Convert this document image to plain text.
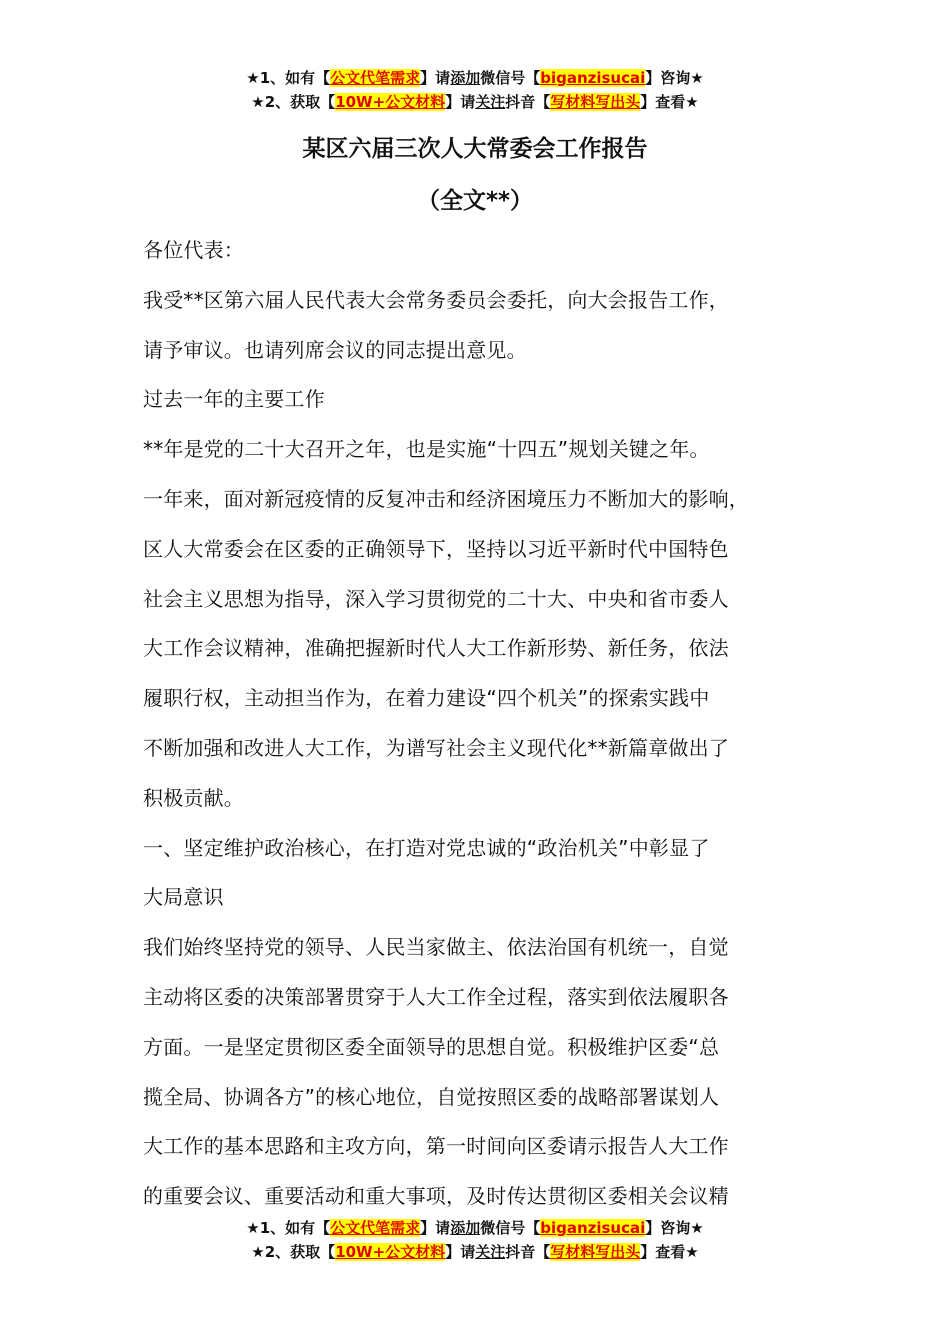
★1、如有【公文代笔需求】请添加微信号【biganzisucai】咨询★
★2、获取【10W+公文材料】请关注抖音【写材料写出头】查看★
某区六届三次人大常委会工作报告
（全文**）

各位代表：

我受**区第六届人民代表大会常务委员会委托，向大会报告工作，

请予审议。也请列席会议的同志提出意见。

过去一年的主要工作

**年是党的二十大召开之年，也是实施“十四五”规划关键之年。

一年来，面对新冠疫情的反复冲击和经济困境压力不断加大的影响，

区人大常委会在区委的正确领导下，坚持以习近平新时代中国特色

社会主义思想为指导，深入学习贯彻党的二十大、中央和省市委人

大工作会议精神，准确把握新时代人大工作新形势、新任务，依法

履职行权，主动担当作为，在着力建设“四个机关”的探索实践中

不断加强和改进人大工作，为谱写社会主义现代化**新篇章做出了

积极贡献。

一、坚定维护政治核心，在打造对党忠诚的“政治机关”中彰显了

大局意识

我们始终坚持党的领导、人民当家做主、依法治国有机统一，自觉

主动将区委的决策部署贯穿于人大工作全过程，落实到依法履职各

方面。一是坚定贯彻区委全面领导的思想自觉。积极维护区委“总

揽全局、协调各方”的核心地位，自觉按照区委的战略部署谋划人

大工作的基本思路和主攻方向，第一时间向区委请示报告人大工作

的重要会议、重要活动和重大事项，及时传达贯彻区委相关会议精

★1、如有【公文代笔需求】请添加微信号【biganzisucai】咨询★
★2、获取【10W+公文材料】请关注抖音【写材料写出头】查看★
